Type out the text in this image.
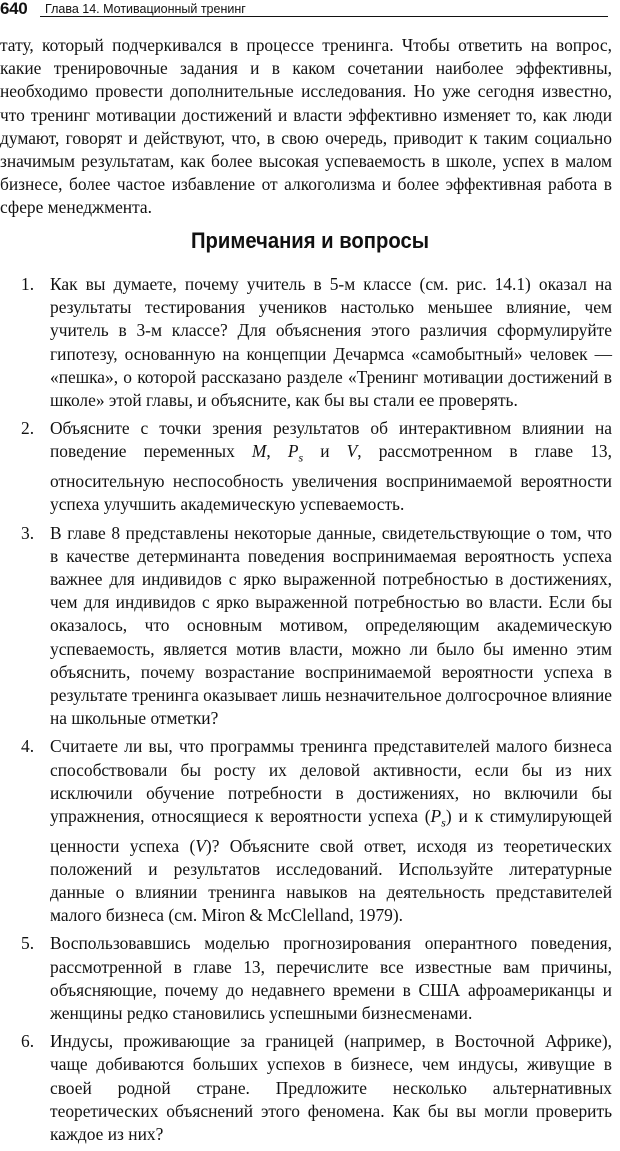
640 Глава 14. Мотивационный тренинг

тату, который подчеркивался в процессе тренинга. Чтобы ответить на вопрос, какие тренировочные задания и в каком сочетании наиболее эффективны, необходимо провести дополнительные исследования. Но уже сегодня известно, что тренинг мотивации достижений и власти эффективно изменяет то, как люди думают, говорят и действуют, что, в свою очередь, приводит к таким социально значимым результатам, как более высокая успеваемость в школе, успех в малом бизнесе, более частое избавление от алкоголизма и более эффективная работа в сфере менеджмента.

Примечания и вопросы
1. Как вы думаете, почему учитель в 5-м классе (см. рис. 14.1) оказал на результаты тестирования учеников настолько меньшее влияние, чем учитель в 3-м классе? Для объяснения этого различия сформулируйте гипотезу, основанную на концепции Дечармса «самобытный» человек — «пешка», о которой рассказано разделе «Тренинг мотивации достижений в школе» этой главы, и объясните, как бы вы стали ее проверять.
2. Объясните с точки зрения результатов об интерактивном влиянии на поведение переменных M, $P_s$ и V, рассмотренном в главе 13, относительную неспособность увеличения воспринимаемой вероятности успеха улучшить академическую успеваемость.
3. В главе 8 представлены некоторые данные, свидетельствующие о том, что в качестве детерминанта поведения воспринимаемая вероятность успеха важнее для индивидов с ярко выраженной потребностью в достижениях, чем для индивидов с ярко выраженной потребностью во власти. Если бы оказалось, что основным мотивом, определяющим академическую успеваемость, является мотив власти, можно ли было бы именно этим объяснить, почему возрастание воспринимаемой вероятности успеха в результате тренинга оказывает лишь незначительное долгосрочное влияние на школьные отметки?
4. Считаете ли вы, что программы тренинга представителей малого бизнеса способствовали бы росту их деловой активности, если бы из них исключили обучение потребности в достижениях, но включили бы упражнения, относящиеся к вероятности успеха $(P_s)$ и к стимулирующей ценности успеха (V)? Объясните свой ответ, исходя из теоретических положений и результатов исследований. Используйте литературные данные о влиянии тренинга навыков на деятельность представителей малого бизнеса (см. Miron & McClelland, 1979).
5. Воспользовавшись моделью прогнозирования оперантного поведения, рассмотренной в главе 13, перечислите все известные вам причины, объясняющие, почему до недавнего времени в США афроамериканцы и женщины редко становились успешными бизнесменами.
6. Индусы, проживающие за границей (например, в Восточной Африке), чаще добиваются больших успехов в бизнесе, чем индусы, живущие в своей родной стране. Предложите несколько альтернативных теоретических объяснений этого феномена. Как бы вы могли проверить каждое из них?
